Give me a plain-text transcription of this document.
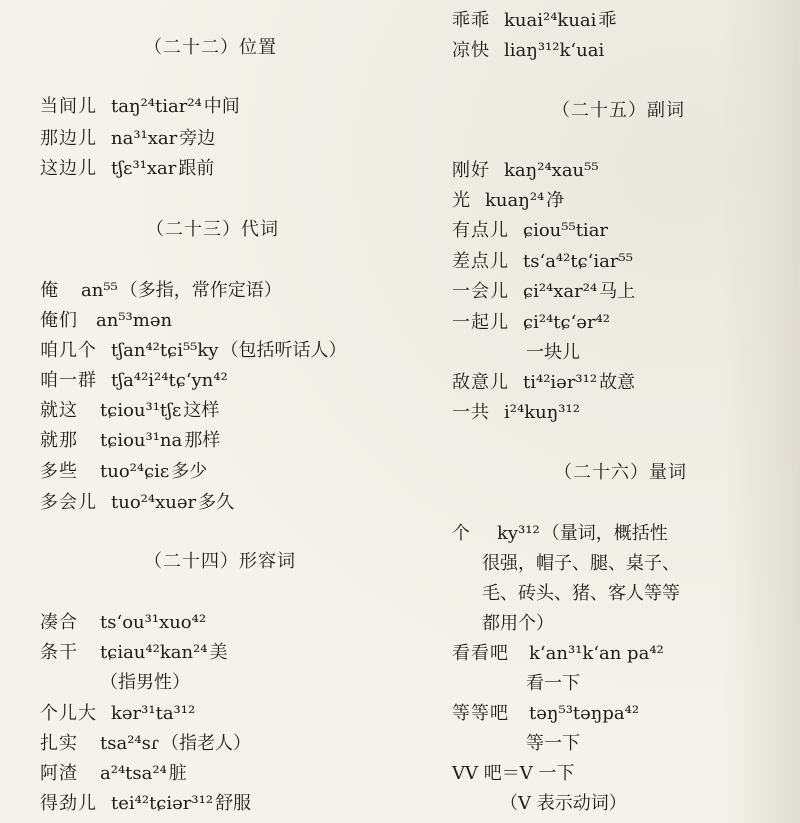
（二十二）位置
当间儿 taŋ²⁴tiar²⁴ 中间
那边儿 na³¹xar 旁边
这边儿 tʃɛ³¹xar 跟前
（二十三）代词
俺 an⁵⁵ （多指，常作定语）
俺们 an⁵³mən
咱几个 tʃan⁴²tɕi⁵⁵ky （包括听话人）
咱一群 tʃa⁴²i²⁴tɕʻyn⁴²
就这 tɕiou³¹tʃɛ 这样
就那 tɕiou³¹na 那样
多些 tuo²⁴ɕiɛ 多少
多会儿 tuo²⁴xuər 多久
（二十四）形容词
凑合 tsʻou³¹xuo⁴²
条干 tɕiau⁴²kan²⁴ 美
（指男性）
个儿大 kər³¹ta³¹²
扎实 tsa²⁴sɾ （指老人）
阿渣 a²⁴tsa²⁴ 脏
得劲儿 tei⁴²tɕiər³¹² 舒服
乖乖 kuai²⁴kuai 乖
凉快 liaŋ³¹²kʻuai
（二十五）副词
刚好 kaŋ²⁴xau⁵⁵
光 kuaŋ²⁴ 净
有点儿 ɕiou⁵⁵tiar
差点儿 tsʻa⁴²tɕʻiar⁵⁵
一会儿 ɕi²⁴xar²⁴ 马上
一起儿 ɕi²⁴tɕʻər⁴²
一块儿
敌意儿 ti⁴²iər³¹² 故意
一共 i²⁴kuŋ³¹²
（二十六）量词
个 ky³¹² （量词，概括性
很强，帽子、腿、桌子、
毛、砖头、猪、客人等等
都用个）
看看吧 kʻan³¹kʻan pa⁴²
看一下
等等吧 təŋ⁵³təŋpa⁴²
等一下
VV 吧＝V 一下
（V 表示动词）
